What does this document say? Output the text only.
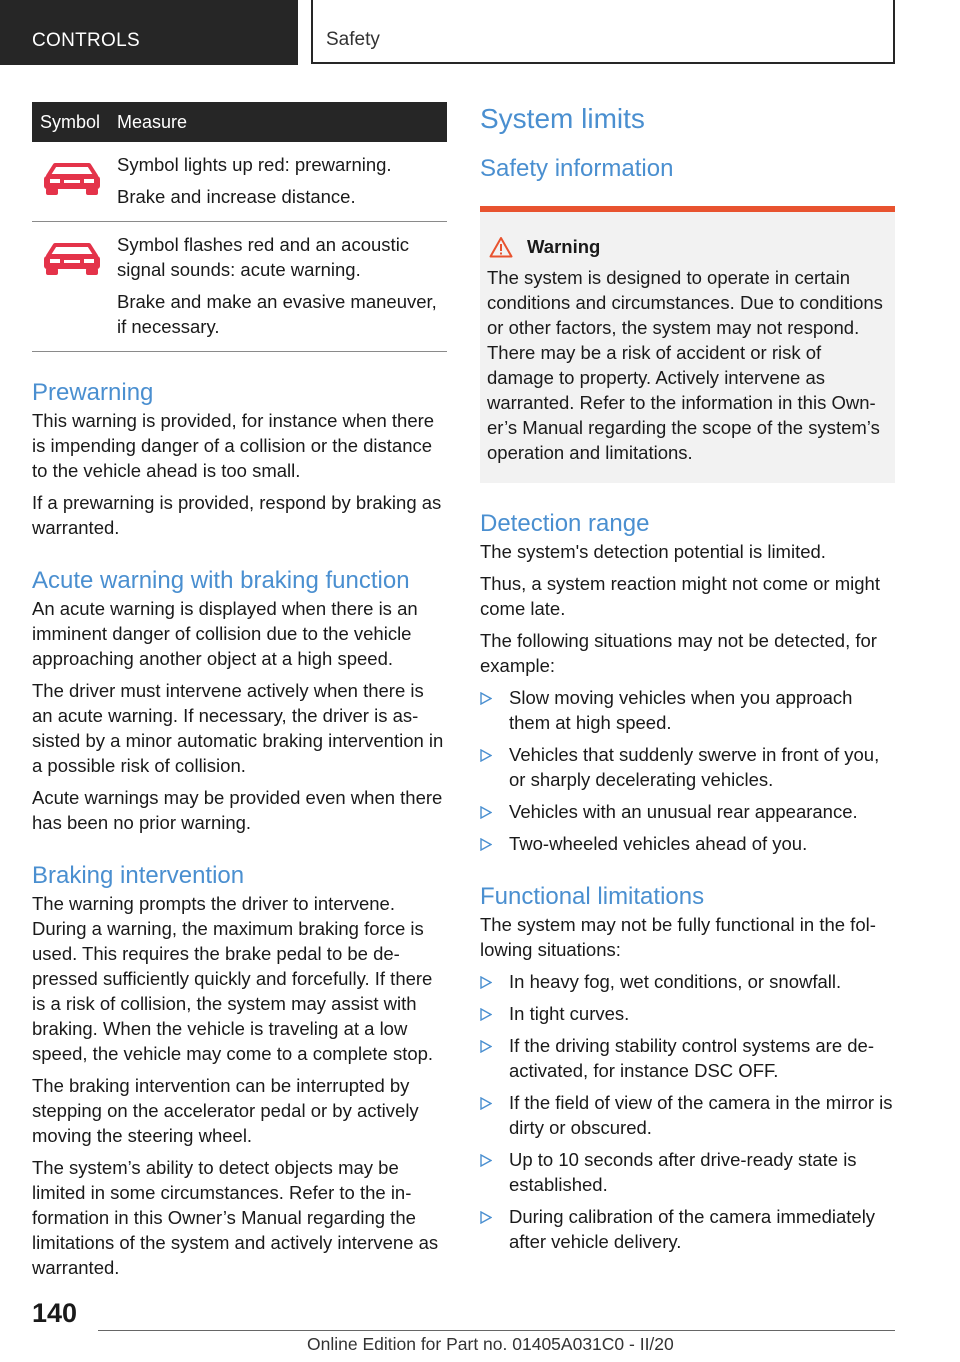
CONTROLS	Safety
Symbol	Measure

Symbol lights up red: prewarning.

Brake and increase distance.

Symbol flashes red and an acoustic signal sounds: acute warning.

Brake and make an evasive maneuver, if necessary.

Prewarning

This warning is provided, for instance when there is impending danger of a collision or the distance to the vehicle ahead is too small.

If a prewarning is provided, respond by braking as warranted.

Acute warning with braking function

An acute warning is displayed when there is an imminent danger of collision due to the vehicle approaching another object at a high speed.

The driver must intervene actively when there is an acute warning. If necessary, the driver is assisted by a minor automatic braking intervention in a possible risk of collision.

Acute warnings may be provided even when there has been no prior warning.

Braking intervention

The warning prompts the driver to intervene. During a warning, the maximum braking force is used. This requires the brake pedal to be depressed sufficiently quickly and forcefully. If there is a risk of collision, the system may assist with braking. When the vehicle is traveling at a low speed, the vehicle may come to a complete stop.

The braking intervention can be interrupted by stepping on the accelerator pedal or by actively moving the steering wheel.

The system’s ability to detect objects may be limited in some circumstances. Refer to the information in this Owner’s Manual regarding the limitations of the system and actively intervene as warranted.

System limits
Safety information
Warning
The system is designed to operate in certain conditions and circumstances. Due to conditions or other factors, the system may not respond. There may be a risk of accident or risk of damage to property. Actively intervene as warranted. Refer to the information in this Owner’s Manual regarding the scope of the system’s operation and limitations.
Detection range

The system's detection potential is limited.

Thus, a system reaction might not come or might come late.

The following situations may not be detected, for example:

Slow moving vehicles when you approach them at high speed.
Vehicles that suddenly swerve in front of you, or sharply decelerating vehicles.
Vehicles with an unusual rear appearance.
Two-wheeled vehicles ahead of you.
Functional limitations

The system may not be fully functional in the following situations:

In heavy fog, wet conditions, or snowfall.
In tight curves.
If the driving stability control systems are deactivated, for instance DSC OFF.
If the field of view of the camera in the mirror is dirty or obscured.
Up to 10 seconds after drive-ready state is established.
During calibration of the camera immediately after vehicle delivery.
140
Online Edition for Part no. 01405A031C0 - II/20
